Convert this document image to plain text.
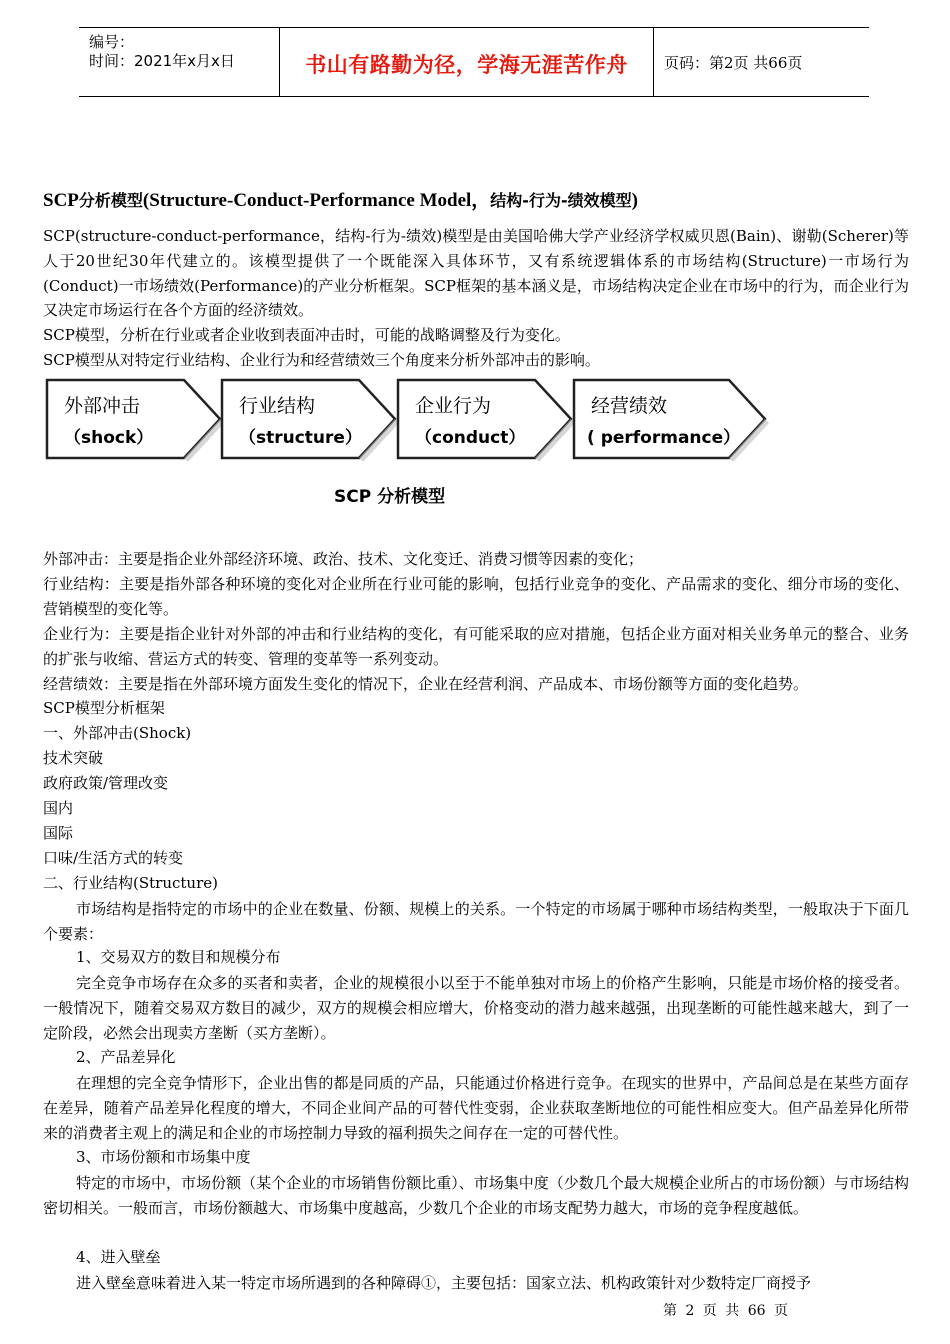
编号：
时间：2021年x月x日	书山有路勤为径，学海无涯苦作舟	页码：第2页 共66页
SCP分析模型(Structure-Conduct-Performance Model，结构-行为-绩效模型)
SCP(structure-conduct-performance，结构-行为-绩效)模型是由美国哈佛大学产业经济学权威贝恩(Bain)、谢勒(Scherer)等人于20世纪30年代建立的。该模型提供了一个既能深入具体环节，又有系统逻辑体系的市场结构(Structure)一市场行为(Conduct)一市场绩效(Performance)的产业分析框架。SCP框架的基本涵义是，市场结构决定企业在市场中的行为，而企业行为又决定市场运行在各个方面的经济绩效。
SCP模型，分析在行业或者企业收到表面冲击时，可能的战略调整及行为变化。
SCP模型从对特定行业结构、企业行为和经营绩效三个角度来分析外部冲击的影响。
外部冲击
（shock）
行业结构
（structure）
企业行为
（conduct）
经营绩效
( performance）
SCP 分析模型
外部冲击：主要是指企业外部经济环境、政治、技术、文化变迁、消费习惯等因素的变化；
行业结构：主要是指外部各种环境的变化对企业所在行业可能的影响，包括行业竞争的变化、产品需求的变化、细分市场的变化、营销模型的变化等。
企业行为：主要是指企业针对外部的冲击和行业结构的变化，有可能采取的应对措施，包括企业方面对相关业务单元的整合、业务的扩张与收缩、营运方式的转变、管理的变革等一系列变动。
经营绩效：主要是指在外部环境方面发生变化的情况下，企业在经营利润、产品成本、市场份额等方面的变化趋势。
SCP模型分析框架
一、外部冲击(Shock)
技术突破
政府政策/管理改变
国内
国际
口味/生活方式的转变
二、行业结构(Structure)
市场结构是指特定的市场中的企业在数量、份额、规模上的关系。一个特定的市场属于哪种市场结构类型，一般取决于下面几个要素：
1、交易双方的数目和规模分布
完全竞争市场存在众多的买者和卖者，企业的规模很小以至于不能单独对市场上的价格产生影响，只能是市场价格的接受者。一般情况下，随着交易双方数目的减少，双方的规模会相应增大，价格变动的潜力越来越强，出现垄断的可能性越来越大，到了一定阶段，必然会出现卖方垄断（买方垄断）。
2、产品差异化
在理想的完全竞争情形下，企业出售的都是同质的产品，只能通过价格进行竞争。在现实的世界中，产品间总是在某些方面存在差异，随着产品差异化程度的增大，不同企业间产品的可替代性变弱，企业获取垄断地位的可能性相应变大。但产品差异化所带来的消费者主观上的满足和企业的市场控制力导致的福利损失之间存在一定的可替代性。
3、市场份额和市场集中度
特定的市场中，市场份额（某个企业的市场销售份额比重）、市场集中度（少数几个最大规模企业所占的市场份额）与市场结构密切相关。一般而言，市场份额越大、市场集中度越高，少数几个企业的市场支配势力越大，市场的竞争程度越低。
4、进入壁垒
进入壁垒意味着进入某一特定市场所遇到的各种障碍①，主要包括：国家立法、机构政策针对少数特定厂商授予
第 2 页 共 66 页
